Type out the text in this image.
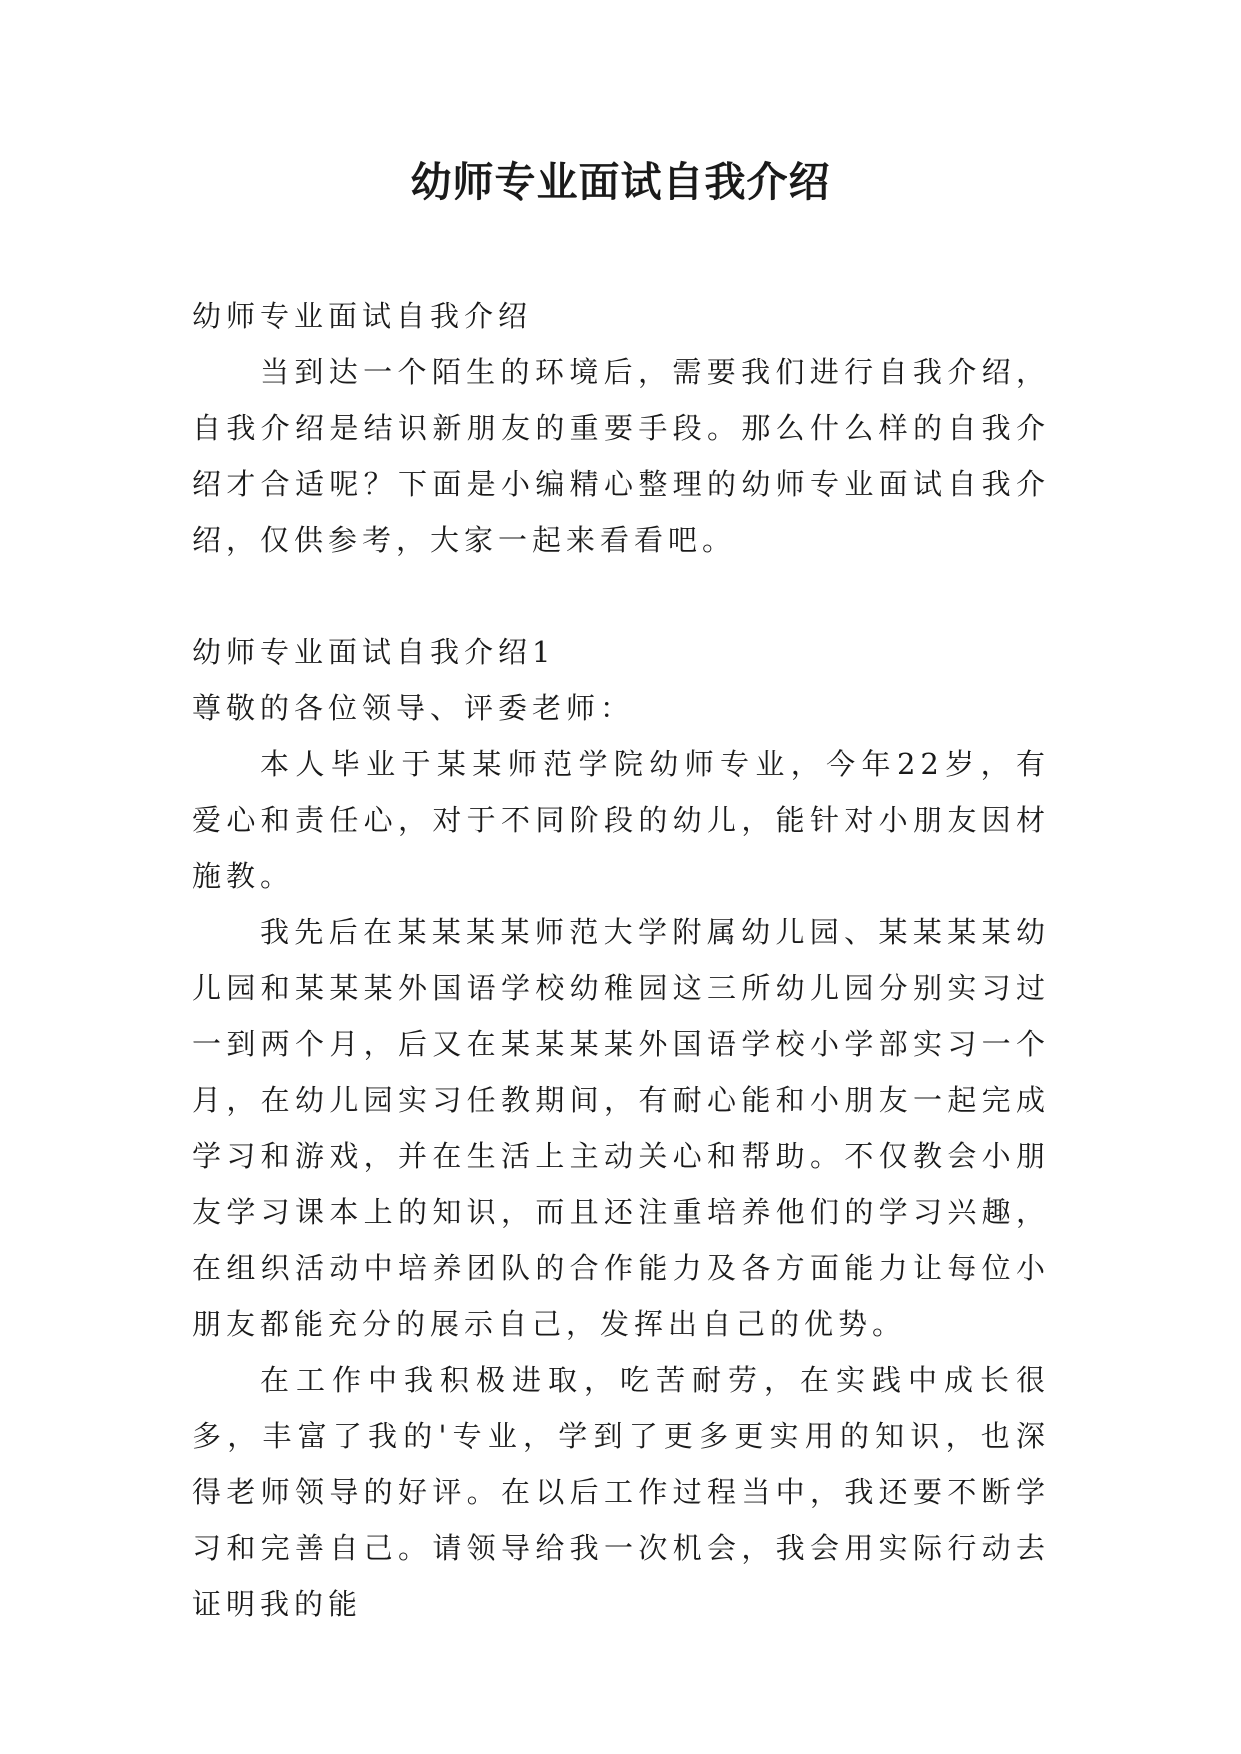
幼师专业面试自我介绍

幼师专业面试自我介绍

当到达一个陌生的环境后，需要我们进行自我介绍，自我介绍是结识新朋友的重要手段。那么什么样的自我介绍才合适呢？下面是小编精心整理的幼师专业面试自我介绍，仅供参考，大家一起来看看吧。

幼师专业面试自我介绍1

尊敬的各位领导、评委老师：

本人毕业于某某师范学院幼师专业，今年22岁，有爱心和责任心，对于不同阶段的幼儿，能针对小朋友因材施教。

我先后在某某某某师范大学附属幼儿园、某某某某幼儿园和某某某外国语学校幼稚园这三所幼儿园分别实习过一到两个月，后又在某某某某外国语学校小学部实习一个月，在幼儿园实习任教期间，有耐心能和小朋友一起完成学习和游戏，并在生活上主动关心和帮助。不仅教会小朋友学习课本上的知识，而且还注重培养他们的学习兴趣，在组织活动中培养团队的合作能力及各方面能力让每位小朋友都能充分的展示自己，发挥出自己的优势。

在工作中我积极进取，吃苦耐劳，在实践中成长很多，丰富了我的'专业，学到了更多更实用的知识，也深得老师领导的好评。在以后工作过程当中，我还要不断学习和完善自己。请领导给我一次机会，我会用实际行动去证明我的能
